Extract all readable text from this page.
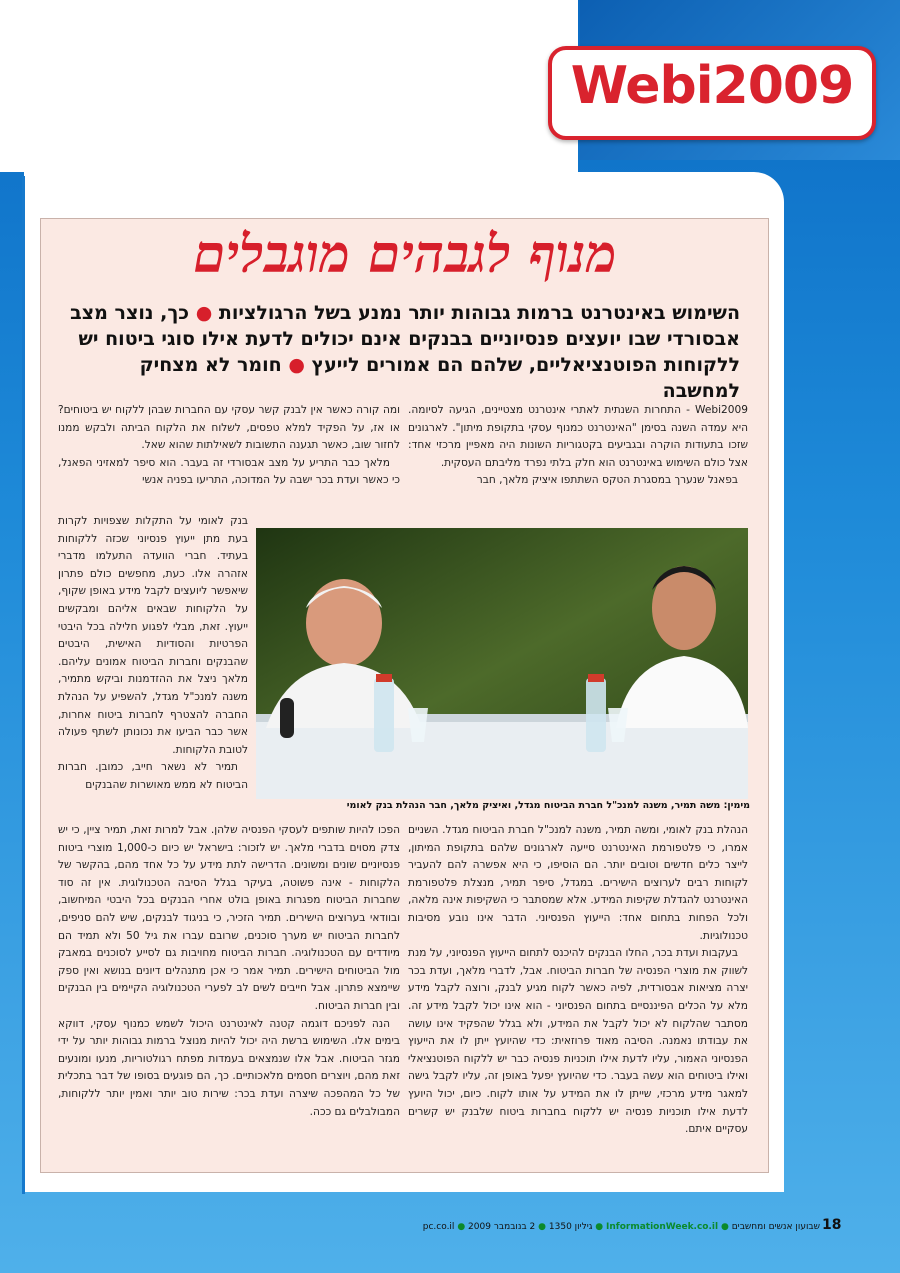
Webi2009
מנוף לגבהים מוגבלים
השימוש באינטרנט ברמות גבוהות יותר נמנע בשל הרגולציות ● כך, נוצר מצב אבסורדי שבו יועצים פנסיוניים בבנקים אינם יכולים לדעת אילו סוגי ביטוח יש ללקוחות הפוטנציאליים, שלהם הם אמורים לייעץ ● חומר לא מצחיק למחשבה

Webi2009 - התחרות השנתית לאתרי אינטרנט מצטיינים, הגיעה לסיומה. היא עמדה השנה בסימן "האינטרנט כמנוף עסקי בתקופת מיתון". לארגונים שזכו בתעודות הוקרה ובגביעים בקטגוריות השונות היה מאפיין מרכזי אחד: אצל כולם השימוש באינטרנט הוא חלק בלתי נפרד מליבתם העסקית.

בפאנל שנערך במסגרת הטקס השתתפו איציק מלאך, חבר

ומה קורה כאשר אין לבנק קשר עסקי עם החברות שבהן ללקוח יש ביטוחים? או אז, על הפקיד למלא טפסים, לשלוח את הלקוח הביתה ולבקש ממנו לחזור שוב, כאשר תגענה התשובות לשאילתות שהוא שאל.

מלאך כבר התריע על מצב אבסורדי זה בעבר. הוא סיפר למאזיני הפאנל, כי כאשר ועדת בכר ישבה על המדוכה, התריעו בפניה אנשי

בנק לאומי על התקלות שצפויות לקרות בעת מתן ייעוץ פנסיוני שכזה ללקוחות בעתיד. חברי הוועדה התעלמו מדברי אזהרה אלו. כעת, מחפשים כולם פתרון שיאפשר ליועצים לקבל מידע באופן שקוף, על הלקוחות שבאים אליהם ומבקשים ייעוץ. זאת, מבלי לפגוע חלילה בכל היבטי הפרטיות והסודיות האישית, היבטים שהבנקים וחברות הביטוח אמונים עליהם. מלאך ניצל את ההזדמנות וביקש מתמיר, משנה למנכ"ל מגדל, להשפיע על הנהלת החברה להצטרף לחברות ביטוח אחרות, אשר כבר הביעו את נכונותן לשתף פעולה לטובת הלקוחות.

תמיר לא נשאר חייב, כמובן. חברות הביטוח לא ממש מאושרות שהבנקים

מימין: משה תמיר, משנה למנכ"ל חברת הביטוח מגדל, ואיציק מלאך, חבר הנהלת בנק לאומי

הנהלת בנק לאומי, ומשה תמיר, משנה למנכ"ל חברת הביטוח מגדל. השניים אמרו, כי פלטפורמת האינטרנט סייעה לארגונים שלהם בתקופת המיתון, לייצר כלים חדשים וטובים יותר. הם הוסיפו, כי היא אפשרה להם להעביר לקוחות רבים לערוצים הישירים. במגדל, סיפר תמיר, מנצלת פלטפורמת האינטרנט להגדלת שקיפות המידע. אלא שמסתבר כי השקיפות אינה מלאה, ולכל הפחות בתחום אחד: הייעוץ הפנסיוני. הדבר אינו נובע מסיבות טכנולוגיות.

בעקבות ועדת בכר, החלו הבנקים להיכנס לתחום הייעוץ הפנסיוני, על מנת לשווק את מוצרי הפנסיה של חברות הביטוח. אבל, לדברי מלאך, ועדת בכר יצרה מציאות אבסורדית, לפיה כאשר לקוח מגיע לבנק, ורוצה לקבל מידע מלא על הכלים הפיננסיים בתחום הפנסיוני - הוא אינו יכול לקבל מידע זה. מסתבר שהלקוח לא יכול לקבל את המידע, ולא בגלל שהפקיד אינו עושה את עבודתו נאמנה. הסיבה מאוד פרוזאית: כדי שהיועץ ייתן לו את הייעוץ הפנסיוני האמור, עליו לדעת אילו תוכניות פנסיה כבר יש ללקוח הפוטנציאלי ואילו ביטוחים הוא עשה בעבר. כדי שהיועץ יפעל באופן זה, עליו לקבל גישה למאגר מידע מרכזי, שייתן לו את המידע על אותו לקוח. כיום, יכול היועץ לדעת אילו תוכניות פנסיה יש ללקוח בחברות ביטוח שלבנק יש קשרים עסקיים איתם.

הפכו להיות שותפים לעסקי הפנסיה שלהן. אבל למרות זאת, תמיר ציין, כי יש צדק מסוים בדברי מלאך. יש לזכור: בישראל יש כיום כ-1,000 מוצרי ביטוח פנסיוניים שונים ומשונים. הדרישה לתת מידע על כל אחד מהם, בהקשר של הלקוחות - אינה פשוטה, בעיקר בגלל הסיבה הטכנולוגית. אין זה סוד שחברות הביטוח מפגרות באופן בולט אחרי הבנקים בכל היבטי המיחשוב, ובוודאי בערוצים הישירים. תמיר הזכיר, כי בניגוד לבנקים, שיש להם סניפים, לחברות הביטוח יש מערך סוכנים, שרובם עברו את גיל 50 ולא תמיד הם מיודדים עם הטכנולוגיה. חברות הביטוח מחויבות גם לסייע לסוכנים במאבק מול הביטוחים הישירים. תמיר אמר כי אכן מתנהלים דיונים בנושא ואין ספק שיימצא פתרון. אבל חייבים לשים לב לפערי הטכנולוגיה הקיימים בין הבנקים ובין חברות הביטוח.

הנה לפניכם דוגמה קטנה לאינטרנט היכול לשמש כמנוף עסקי, דווקא בימים אלו. השימוש ברשת היה יכול להיות מנוצל ברמות גבוהות יותר על ידי מגזר הביטוח. אבל אלו שנמצאים בעמדות מפתח רגולטוריות, מנעו ומונעים זאת מהם, ויוצרים חסמים מלאכותיים. כך, הם פוגעים בסופו של דבר בתכלית של כל המהפכה שיצרה ועדת בכר: שירות טוב יותר ואמין יותר ללקוחות, המבולבלים גם ככה.

שבועון אנשים ומחשבים ● InformationWeek.co.il ● גיליון 1350 ● 2 בנובמבר 2009 ● pc.co.il	18
